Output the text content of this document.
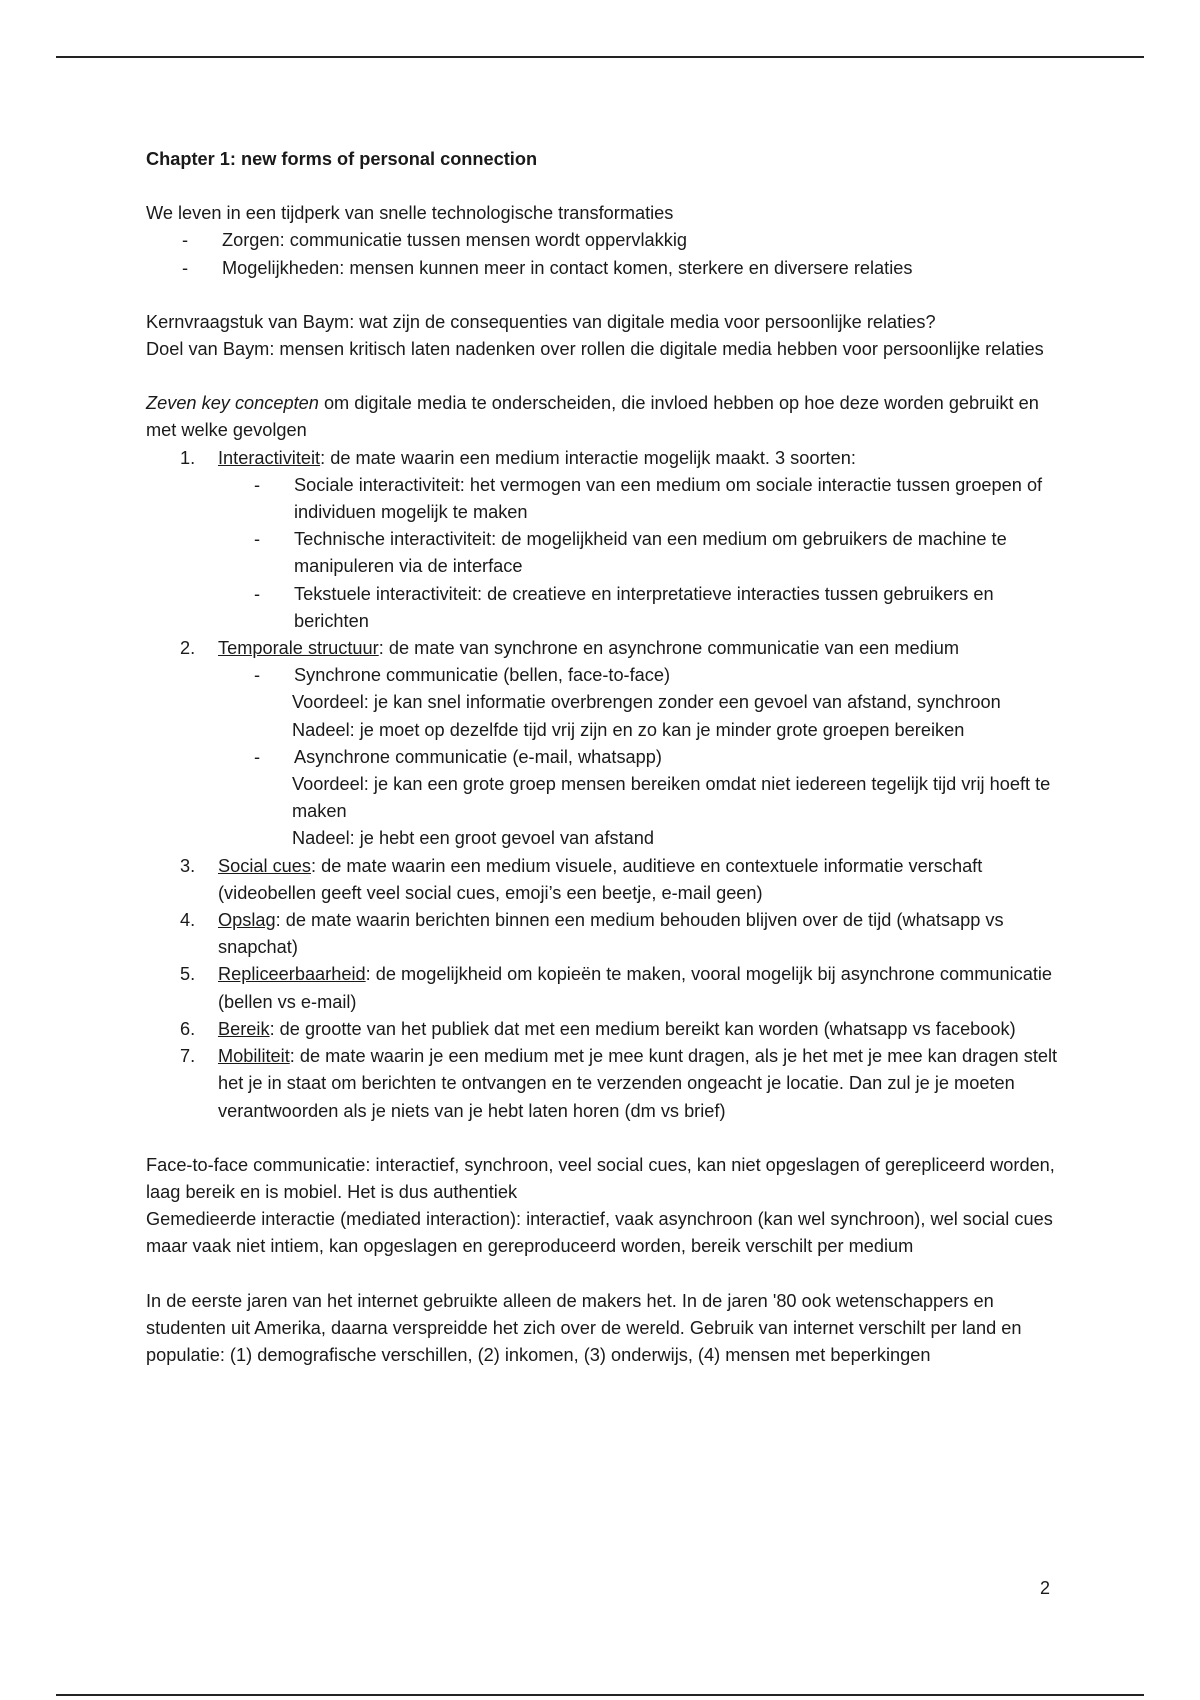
Chapter 1: new forms of personal connection

We leven in een tijdperk van snelle technologische transformaties

-	Zorgen: communicatie tussen mensen wordt oppervlakkig
-	Mogelijkheden: mensen kunnen meer in contact komen, sterkere en diversere relaties

Kernvraagstuk van Baym: wat zijn de consequenties van digitale media voor persoonlijke relaties?

Doel van Baym: mensen kritisch laten nadenken over rollen die digitale media hebben voor persoonlijke relaties

Zeven key concepten om digitale media te onderscheiden, die invloed hebben op hoe deze worden gebruikt en met welke gevolgen

1.	Interactiviteit: de mate waarin een medium interactie mogelijk maakt. 3 soorten:
-	Sociale interactiviteit: het vermogen van een medium om sociale interactie tussen groepen of individuen mogelijk te maken
-	Technische interactiviteit: de mogelijkheid van een medium om gebruikers de machine te manipuleren via de interface
-	Tekstuele interactiviteit: de creatieve en interpretatieve interacties tussen gebruikers en berichten
2.	Temporale structuur: de mate van synchrone en asynchrone communicatie van een medium
-	Synchrone communicatie (bellen, face-to-face)

Voordeel: je kan snel informatie overbrengen zonder een gevoel van afstand, synchroon

Nadeel: je moet op dezelfde tijd vrij zijn en zo kan je minder grote groepen bereiken

-	Asynchrone communicatie (e-mail, whatsapp)

Voordeel: je kan een grote groep mensen bereiken omdat niet iedereen tegelijk tijd vrij hoeft te maken

Nadeel: je hebt een groot gevoel van afstand

3.	Social cues: de mate waarin een medium visuele, auditieve en contextuele informatie verschaft (videobellen geeft veel social cues, emoji’s een beetje, e-mail geen)
4.	Opslag: de mate waarin berichten binnen een medium behouden blijven over de tijd (whatsapp vs snapchat)
5.	Repliceerbaarheid: de mogelijkheid om kopieën te maken, vooral mogelijk bij asynchrone communicatie (bellen vs e-mail)
6.	Bereik: de grootte van het publiek dat met een medium bereikt kan worden (whatsapp vs facebook)
7.	Mobiliteit: de mate waarin je een medium met je mee kunt dragen, als je het met je mee kan dragen stelt het je in staat om berichten te ontvangen en te verzenden ongeacht je locatie. Dan zul je je moeten verantwoorden als je niets van je hebt laten horen (dm vs brief)

Face-to-face communicatie: interactief, synchroon, veel social cues, kan niet opgeslagen of gerepliceerd worden, laag bereik en is mobiel. Het is dus authentiek

Gemedieerde interactie (mediated interaction): interactief, vaak asynchroon (kan wel synchroon), wel social cues maar vaak niet intiem, kan opgeslagen en gereproduceerd worden, bereik verschilt per medium

In de eerste jaren van het internet gebruikte alleen de makers het. In de jaren '80 ook wetenschappers en studenten uit Amerika, daarna verspreidde het zich over de wereld. Gebruik van internet verschilt per land en populatie: (1) demografische verschillen, (2) inkomen, (3) onderwijs, (4) mensen met beperkingen

2
